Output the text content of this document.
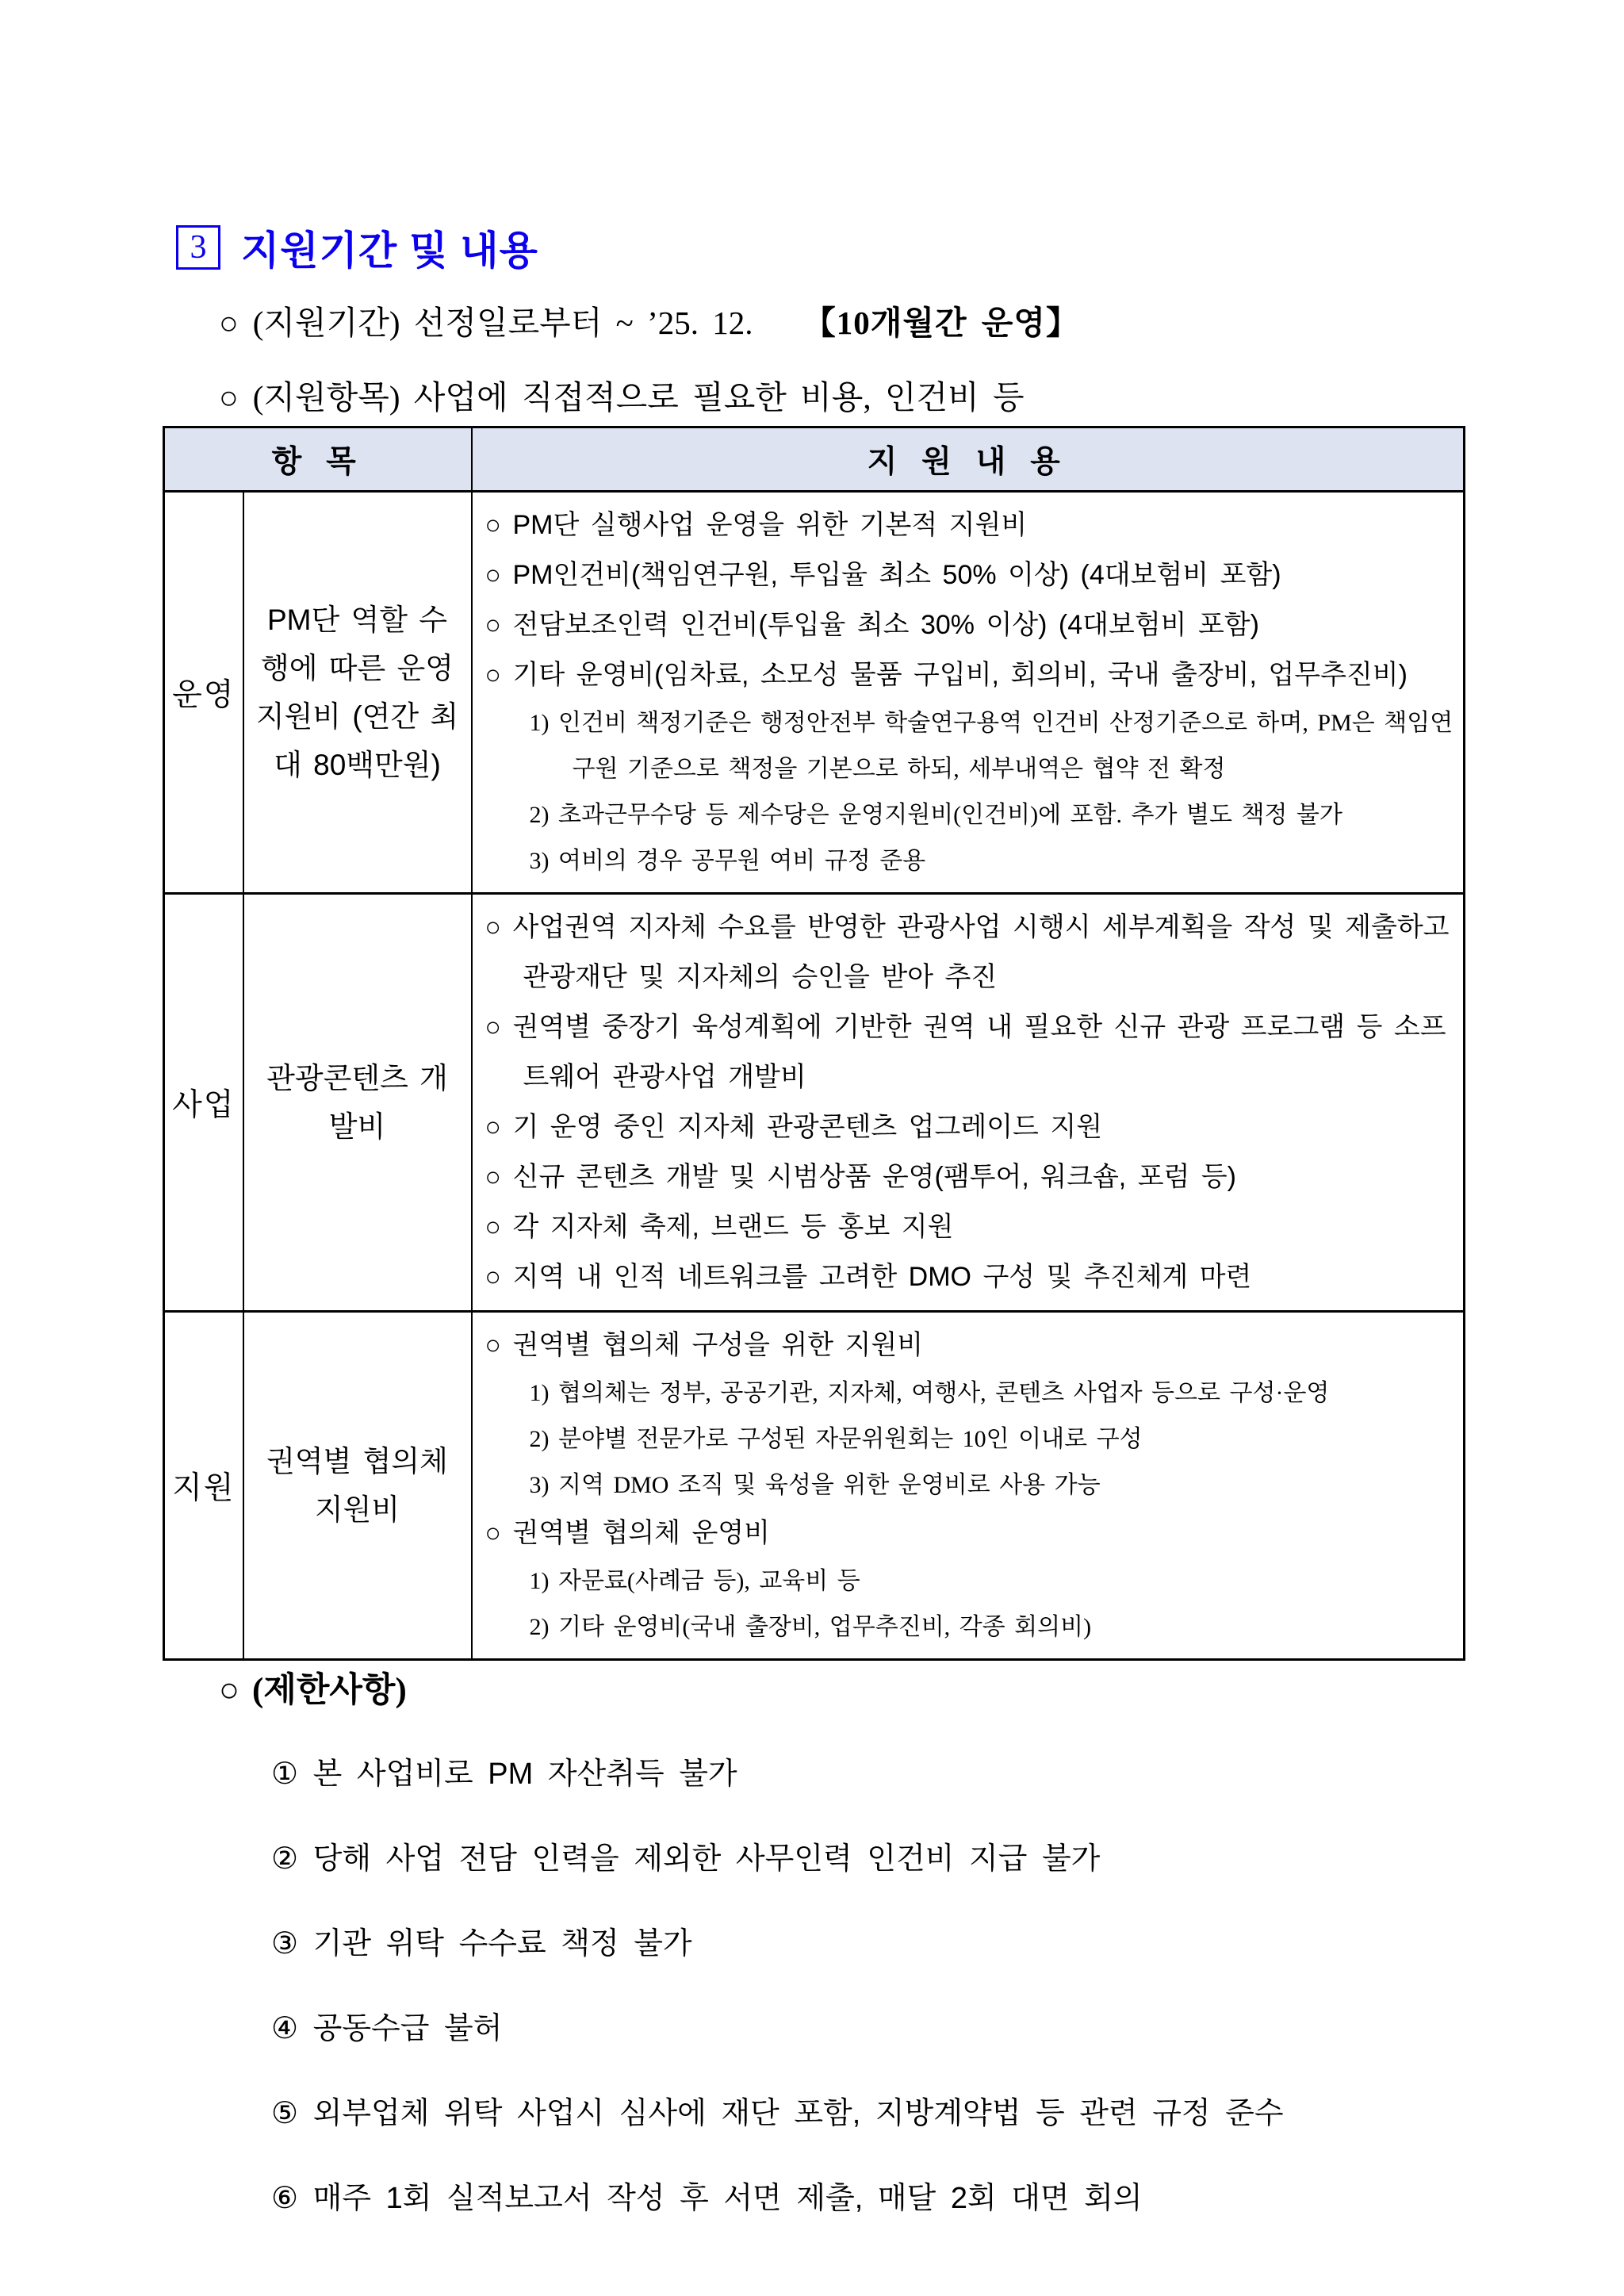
3 지원기간 및 내용
○ (지원기간) 선정일로부터 ~ ’25. 12. 【10개월간 운영】
○ (지원항목) 사업에 직접적으로 필요한 비용, 인건비 등
항 목		지 원 내 용
운영	PM단 역할 수행에 따른 운영지원비 (연간 최대 80백만원)	
○ PM단 실행사업 운영을 위한 기본적 지원비
○ PM인건비(책임연구원, 투입율 최소 50% 이상) (4대보험비 포함)
○ 전담보조인력 인건비(투입율 최소 30% 이상) (4대보험비 포함)
○ 기타 운영비(임차료, 소모성 물품 구입비, 회의비, 국내 출장비, 업무추진비)
1) 인건비 책정기준은 행정안전부 학술연구용역 인건비 산정기준으로 하며, PM은 책임연구원 기준으로 책정을 기본으로 하되, 세부내역은 협약 전 확정
2) 초과근무수당 등 제수당은 운영지원비(인건비)에 포함. 추가 별도 책정 불가
3) 여비의 경우 공무원 여비 규정 준용

사업	관광콘텐츠 개발비	
○ 사업권역 지자체 수요를 반영한 관광사업 시행시 세부계획을 작성 및 제출하고 관광재단 및 지자체의 승인을 받아 추진
○ 권역별 중장기 육성계획에 기반한 권역 내 필요한 신규 관광 프로그램 등 소프트웨어 관광사업 개발비
○ 기 운영 중인 지자체 관광콘텐츠 업그레이드 지원
○ 신규 콘텐츠 개발 및 시범상품 운영(팸투어, 워크숍, 포럼 등)
○ 각 지자체 축제, 브랜드 등 홍보 지원
○ 지역 내 인적 네트워크를 고려한 DMO 구성 및 추진체계 마련

지원	권역별 협의체 지원비	
○ 권역별 협의체 구성을 위한 지원비
1) 협의체는 정부, 공공기관, 지자체, 여행사, 콘텐츠 사업자 등으로 구성·운영
2) 분야별 전문가로 구성된 자문위원회는 10인 이내로 구성
3) 지역 DMO 조직 및 육성을 위한 운영비로 사용 가능
○ 권역별 협의체 운영비
1) 자문료(사례금 등), 교육비 등
2) 기타 운영비(국내 출장비, 업무추진비, 각종 회의비)
○ (제한사항)
① 본 사업비로 PM 자산취득 불가
② 당해 사업 전담 인력을 제외한 사무인력 인건비 지급 불가
③ 기관 위탁 수수료 책정 불가
④ 공동수급 불허
⑤ 외부업체 위탁 사업시 심사에 재단 포함, 지방계약법 등 관련 규정 준수
⑥ 매주 1회 실적보고서 작성 후 서면 제출, 매달 2회 대면 회의
